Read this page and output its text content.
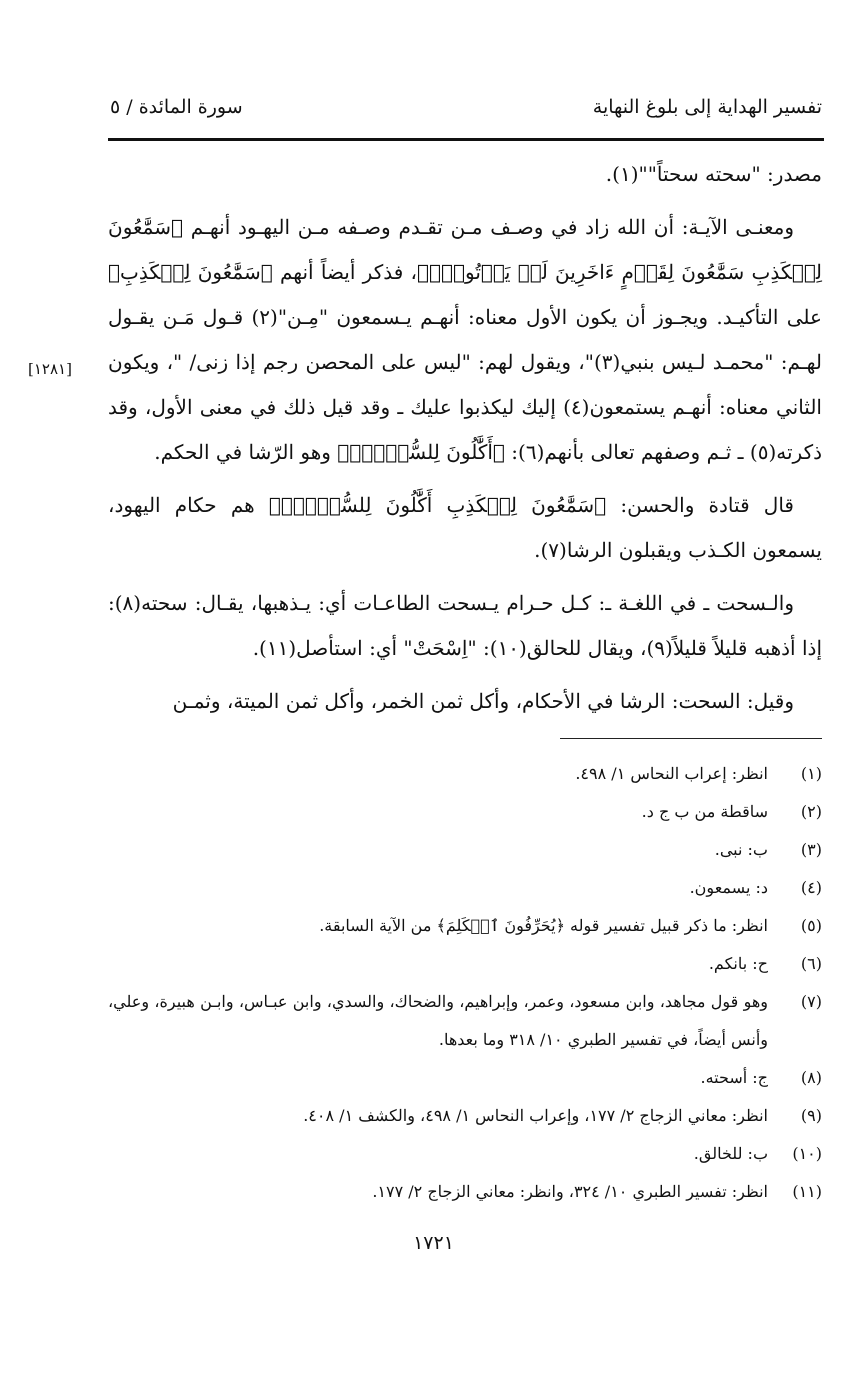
تفسير الهداية إلى بلوغ النهاية
سورة المائدة / ٥
[١٢٨١]

مصدر: "سحته سحتاً""(١).

ومعنـى الآيـة: أن الله زاد في وصـف مـن تقـدم وصـفه مـن اليهـود أنهـم ﴿سَمَّٰعُونَ لِلۡكَذِبِ سَمَّٰعُونَ لِقَوۡمٍ ءَاخَرِينَ لَمۡ يَأۡتُوكَۖ﴾، فذكر أيضاً أنهم ﴿سَمَّٰعُونَ لِلۡكَذِبِ﴾ على التأكيـد. ويجـوز أن يكون الأول معناه: أنهـم يـسمعون "مِـن"(٢) قـول مَـن يقـول لهـم: "محمـد لـيس بنبي(٣)"، ويقول لهم: "ليس على المحصن رجم إذا زنى/ "، ويكون الثاني معناه: أنهـم يستمعون(٤) إليك ليكذبوا عليك ـ وقد قيل ذلك في معنى الأول، وقد ذكرته(٥) ـ ثـم وصفهم تعالى بأنهم(٦): ﴿أَكَّٰلُونَ لِلسُّحۡتِۚ﴾ وهو الرّشا في الحكم.

قال قتادة والحسن: ﴿سَمَّٰعُونَ لِلۡكَذِبِ أَكَّٰلُونَ لِلسُّحۡتِۚ﴾ هم حكام اليهود، يسمعون الكـذب ويقبلون الرشا(٧).

والـسحت ـ في اللغـة ـ: كـل حـرام يـسحت الطاعـات أي: يـذهبها، يقـال: سحته(٨): إذا أذهبه قليلاً قليلاً(٩)، ويقال للحالق(١٠): "اِسْحَتْ" أي: استأصل(١١).

وقيل: السحت: الرشا في الأحكام، وأكل ثمن الخمر، وأكل ثمن الميتة، وثمـن

(١)
انظر: إعراب النحاس ١/ ٤٩٨.
(٢)
ساقطة من ب ج د.
(٣)
ب: نبى.
(٤)
د: يسمعون.
(٥)
انظر: ما ذكر قبيل تفسير قوله ﴿يُحَرِّفُونَ ٱلۡكَلِمَ﴾ من الآية السابقة.
(٦)
ح: بانكم.
(٧)
وهو قول مجاهد، وابن مسعود، وعمر، وإبراهيم، والضحاك، والسدي، وابن عبـاس، وابـن هبيرة، وعلي، وأنس أيضاً، في تفسير الطبري ١٠/ ٣١٨ وما بعدها.
(٨)
ج: أسحته.
(٩)
انظر: معاني الزجاج ٢/ ١٧٧، وإعراب النحاس ١/ ٤٩٨، والكشف ١/ ٤٠٨.
(١٠)
ب: للخالق.
(١١)
انظر: تفسير الطبري ١٠/ ٣٢٤، وانظر: معاني الزجاج ٢/ ١٧٧.
١٧٢١
